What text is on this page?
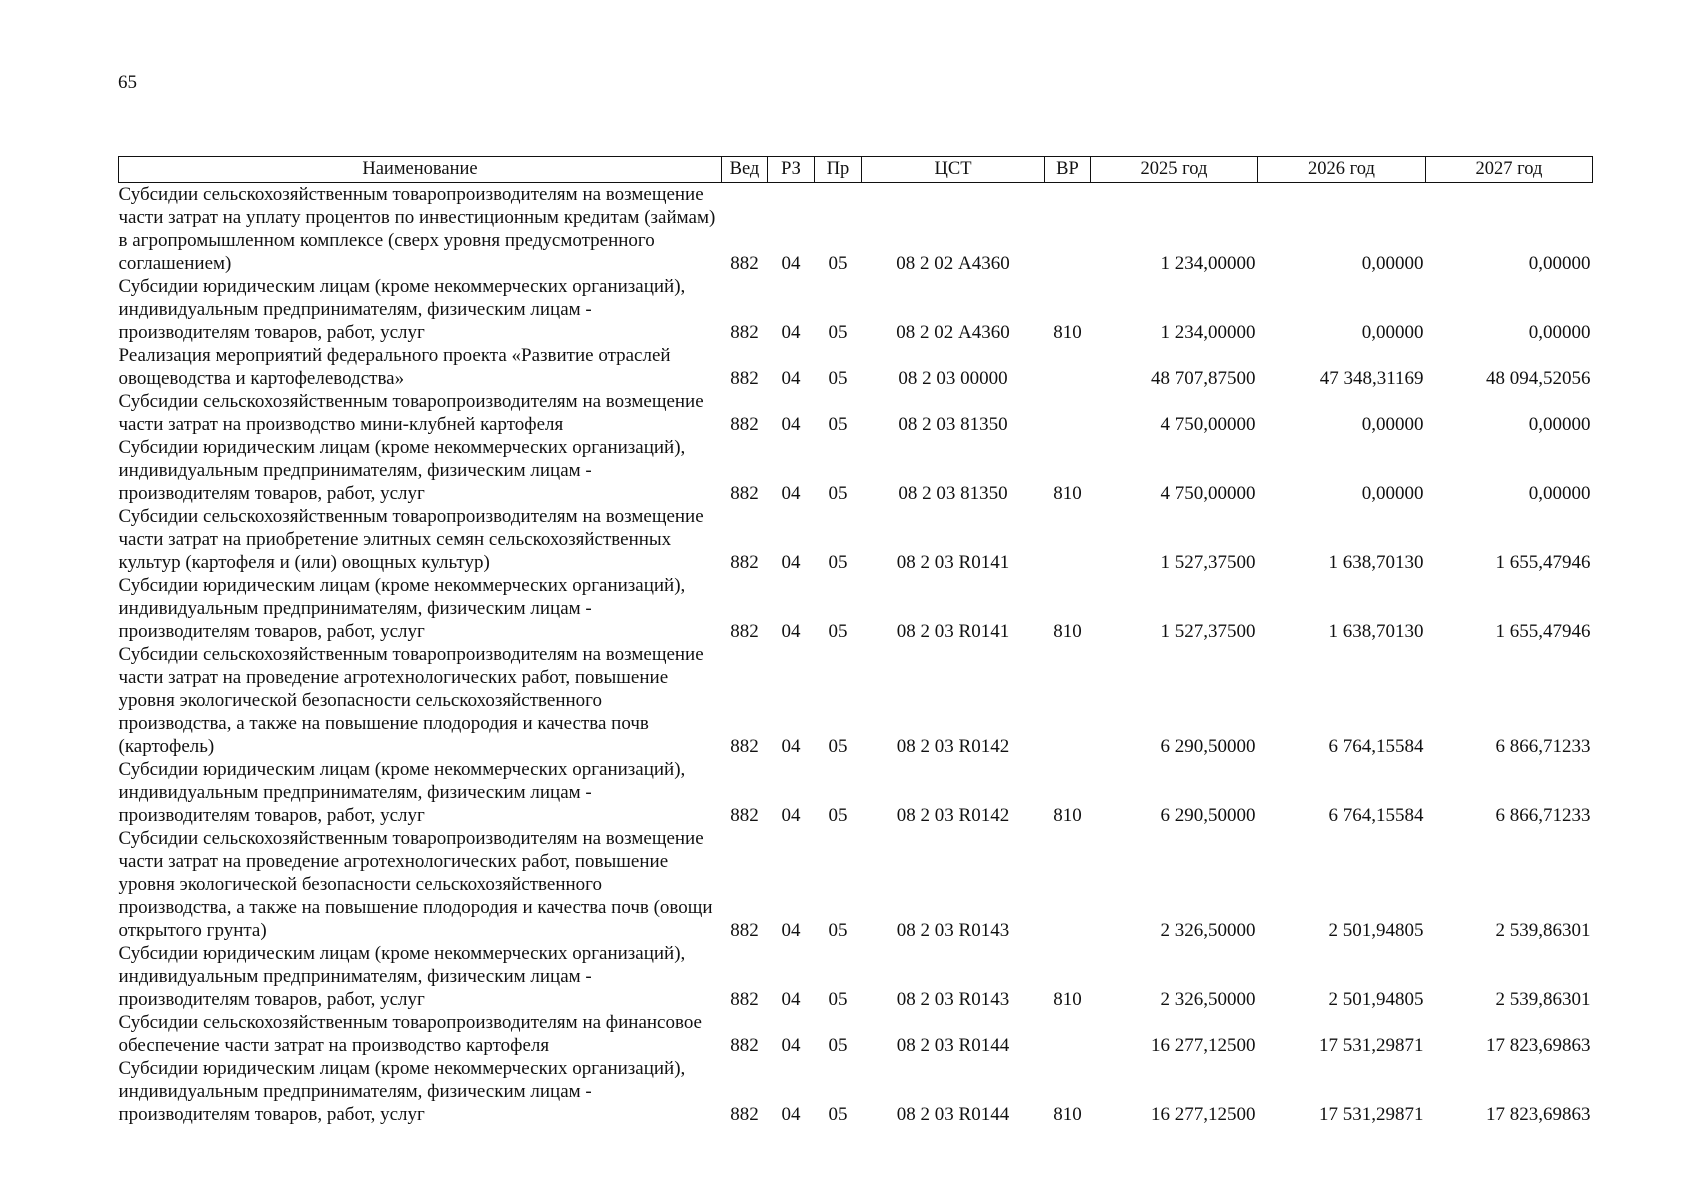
65
Наименование	Вед	РЗ	Пр	ЦСТ	ВР	2025 год	2026 год	2027 год
Субсидии сельскохозяйственным товаропроизводителям на возмещение части затрат на уплату процентов по инвестиционным кредитам (займам) в агропромышленном комплексе (сверх уровня предусмотренного соглашением)	882	04	05	08 2 02 А4360		1 234,00000	0,00000	0,00000
Субсидии юридическим лицам (кроме некоммерческих организаций), индивидуальным предпринимателям, физическим лицам - производителям товаров, работ, услуг	882	04	05	08 2 02 А4360	810	1 234,00000	0,00000	0,00000
Реализация мероприятий федерального проекта «Развитие отраслей овощеводства и картофелеводства»	882	04	05	08 2 03 00000		48 707,87500	47 348,31169	48 094,52056
Субсидии сельскохозяйственным товаропроизводителям на возмещение части затрат на производство мини-клубней картофеля	882	04	05	08 2 03 81350		4 750,00000	0,00000	0,00000
Субсидии юридическим лицам (кроме некоммерческих организаций), индивидуальным предпринимателям, физическим лицам - производителям товаров, работ, услуг	882	04	05	08 2 03 81350	810	4 750,00000	0,00000	0,00000
Субсидии сельскохозяйственным товаропроизводителям на возмещение части затрат на приобретение элитных семян сельскохозяйственных культур (картофеля и (или) овощных культур)	882	04	05	08 2 03 R0141		1 527,37500	1 638,70130	1 655,47946
Субсидии юридическим лицам (кроме некоммерческих организаций), индивидуальным предпринимателям, физическим лицам - производителям товаров, работ, услуг	882	04	05	08 2 03 R0141	810	1 527,37500	1 638,70130	1 655,47946
Субсидии сельскохозяйственным товаропроизводителям на возмещение части затрат на проведение агротехнологических работ, повышение уровня экологической безопасности сельскохозяйственного производства, а также на повышение плодородия и качества почв (картофель)	882	04	05	08 2 03 R0142		6 290,50000	6 764,15584	6 866,71233
Субсидии юридическим лицам (кроме некоммерческих организаций), индивидуальным предпринимателям, физическим лицам - производителям товаров, работ, услуг	882	04	05	08 2 03 R0142	810	6 290,50000	6 764,15584	6 866,71233
Субсидии сельскохозяйственным товаропроизводителям на возмещение части затрат на проведение агротехнологических работ, повышение уровня экологической безопасности сельскохозяйственного производства, а также на повышение плодородия и качества почв (овощи открытого грунта)	882	04	05	08 2 03 R0143		2 326,50000	2 501,94805	2 539,86301
Субсидии юридическим лицам (кроме некоммерческих организаций), индивидуальным предпринимателям, физическим лицам - производителям товаров, работ, услуг	882	04	05	08 2 03 R0143	810	2 326,50000	2 501,94805	2 539,86301
Субсидии сельскохозяйственным товаропроизводителям на финансовое обеспечение части затрат на производство картофеля	882	04	05	08 2 03 R0144		16 277,12500	17 531,29871	17 823,69863
Субсидии юридическим лицам (кроме некоммерческих организаций), индивидуальным предпринимателям, физическим лицам - производителям товаров, работ, услуг	882	04	05	08 2 03 R0144	810	16 277,12500	17 531,29871	17 823,69863
